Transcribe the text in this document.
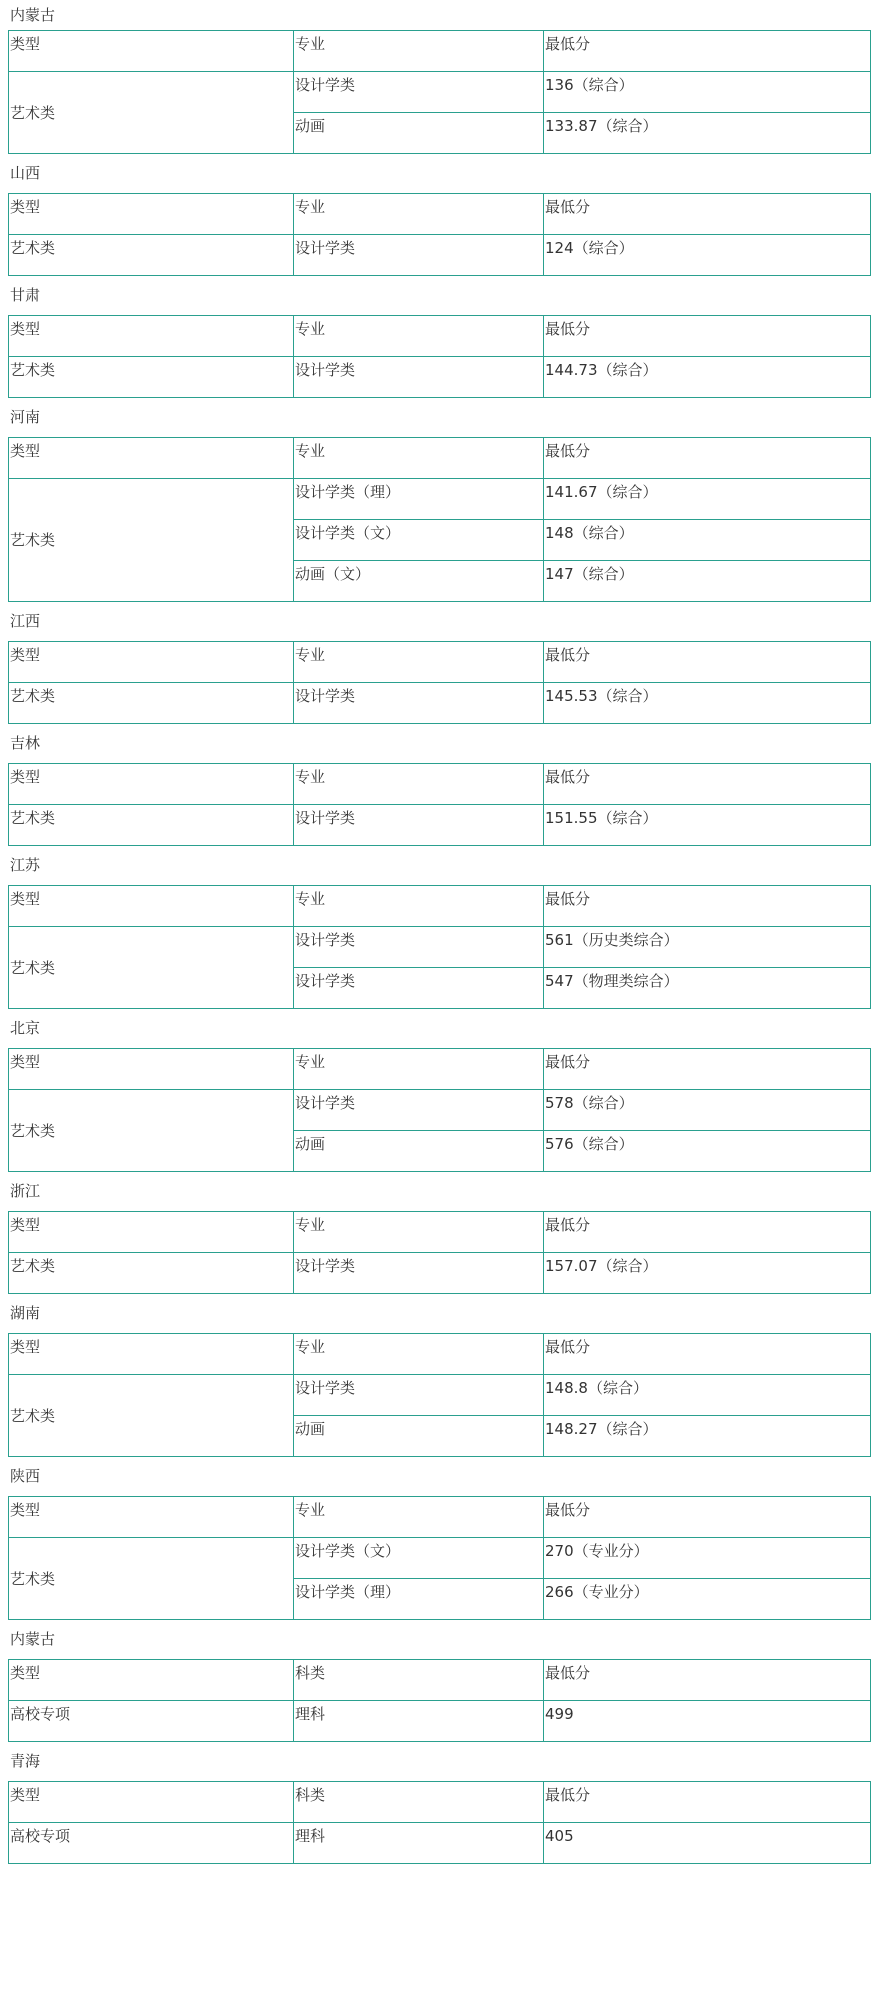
内蒙古
类型	专业	最低分
艺术类	设计学类	136（综合）
	动画	133.87（综合）
山西
类型	专业	最低分
艺术类	设计学类	124（综合）
甘肃
类型	专业	最低分
艺术类	设计学类	144.73（综合）
河南
类型	专业	最低分
艺术类	设计学类（理）	141.67（综合）
	设计学类（文）	148（综合）
	动画（文）	147（综合）
江西
类型	专业	最低分
艺术类	设计学类	145.53（综合）
吉林
类型	专业	最低分
艺术类	设计学类	151.55（综合）
江苏
类型	专业	最低分
艺术类	设计学类	561（历史类综合）
	设计学类	547（物理类综合）
北京
类型	专业	最低分
艺术类	设计学类	578（综合）
	动画	576（综合）
浙江
类型	专业	最低分
艺术类	设计学类	157.07（综合）
湖南
类型	专业	最低分
艺术类	设计学类	148.8（综合）
	动画	148.27（综合）
陕西
类型	专业	最低分
艺术类	设计学类（文）	270（专业分）
	设计学类（理）	266（专业分）
内蒙古
类型	科类	最低分
高校专项	理科	499
青海
类型	科类	最低分
高校专项	理科	405
